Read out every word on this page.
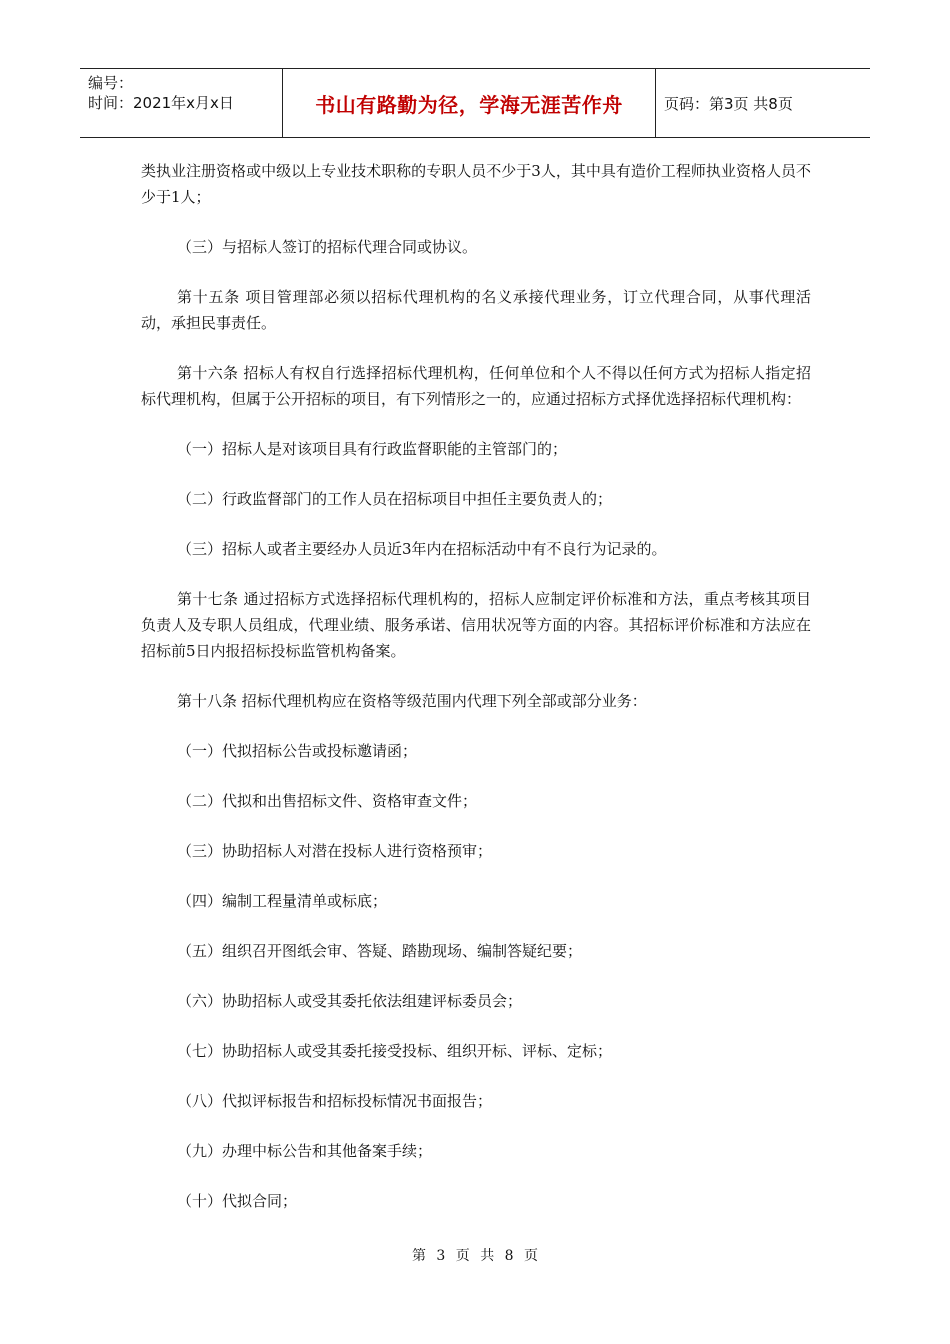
编号：
时间：2021年x月x日	书山有路勤为径，学海无涯苦作舟	页码：第3页 共8页

类执业注册资格或中级以上专业技术职称的专职人员不少于3人，其中具有造价工程师执业资格人员不少于1人；

（三）与招标人签订的招标代理合同或协议。

第十五条 项目管理部必须以招标代理机构的名义承接代理业务，订立代理合同，从事代理活动，承担民事责任。

第十六条 招标人有权自行选择招标代理机构，任何单位和个人不得以任何方式为招标人指定招标代理机构，但属于公开招标的项目，有下列情形之一的，应通过招标方式择优选择招标代理机构：

（一）招标人是对该项目具有行政监督职能的主管部门的；

（二）行政监督部门的工作人员在招标项目中担任主要负责人的；

（三）招标人或者主要经办人员近3年内在招标活动中有不良行为记录的。

第十七条 通过招标方式选择招标代理机构的，招标人应制定评价标准和方法，重点考核其项目负责人及专职人员组成，代理业绩、服务承诺、信用状况等方面的内容。其招标评价标准和方法应在招标前5日内报招标投标监管机构备案。

第十八条 招标代理机构应在资格等级范围内代理下列全部或部分业务：

（一）代拟招标公告或投标邀请函；

（二）代拟和出售招标文件、资格审查文件；

（三）协助招标人对潜在投标人进行资格预审；

（四）编制工程量清单或标底；

（五）组织召开图纸会审、答疑、踏勘现场、编制答疑纪要；

（六）协助招标人或受其委托依法组建评标委员会；

（七）协助招标人或受其委托接受投标、组织开标、评标、定标；

（八）代拟评标报告和招标投标情况书面报告；

（九）办理中标公告和其他备案手续；

（十）代拟合同；

第 3 页 共 8 页
